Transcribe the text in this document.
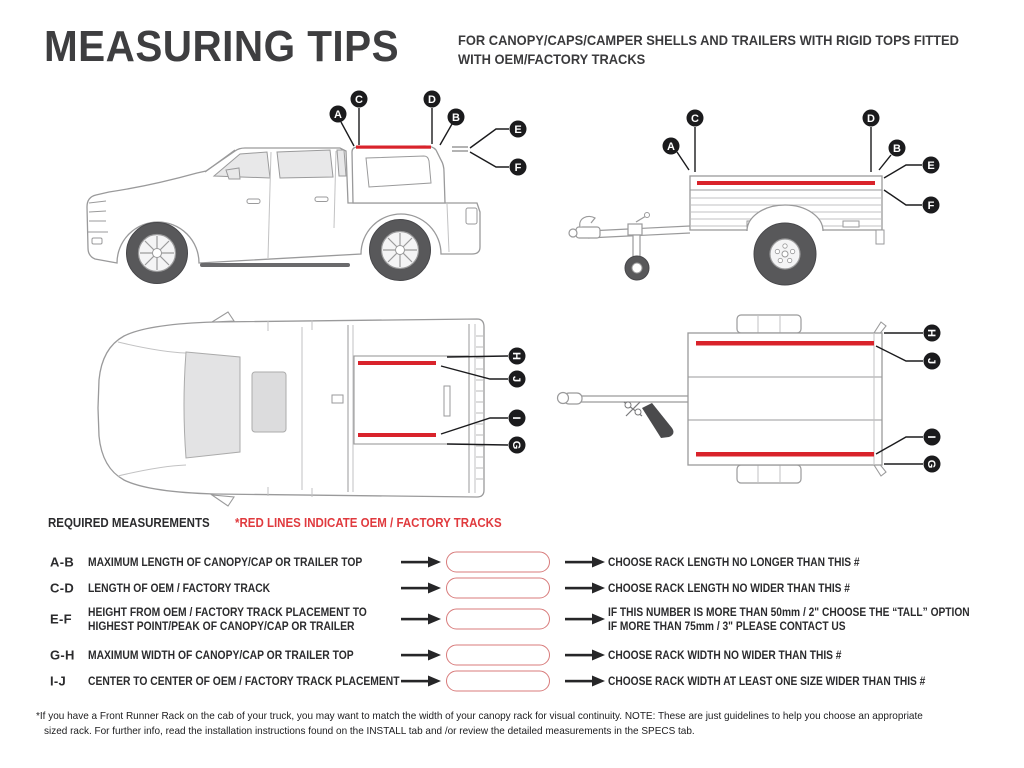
MEASURING TIPS	FOR CANOPY/CAPS/CAMPER SHELLS AND TRAILERS WITH RIGID TOPS FITTED
WITH OEM/FACTORY TRACKS
A
C	D
B
E
F
C
A
D
B
E
F
H
J
I
G
H
J
I
G
REQUIRED MEASUREMENTS *RED LINES INDICATE OEM / FACTORY TRACKS
A-B MAXIMUM LENGTH OF CANOPY/CAP OR TRAILER TOP	CHOOSE RACK LENGTH NO LONGER THAN THIS #
C-D LENGTH OF OEM / FACTORY TRACK	CHOOSE RACK LENGTH NO WIDER THAN THIS #
E-F HEIGHT FROM OEM / FACTORY TRACK PLACEMENT TO
HIGHEST POINT/PEAK OF CANOPY/CAP OR TRAILER
IF THIS NUMBER IS MORE THAN 50mm / 2" CHOOSE THE “TALL” OPTION
IF MORE THAN 75mm / 3" PLEASE CONTACT US
G-H MAXIMUM WIDTH OF CANOPY/CAP OR TRAILER TOP	CHOOSE RACK WIDTH NO WIDER THAN THIS #
I-J CENTER TO CENTER OF OEM / FACTORY TRACK PLACEMENT	CHOOSE RACK WIDTH AT LEAST ONE SIZE WIDER THAN THIS #
*If you have a Front Runner Rack on the cab of your truck, you may want to match the width of your canopy rack for visual continuity. NOTE: These are just guidelines to help you choose an appropriate
sized rack. For further info, read the installation instructions found on the INSTALL tab and /or review the detailed measurements in the SPECS tab.
